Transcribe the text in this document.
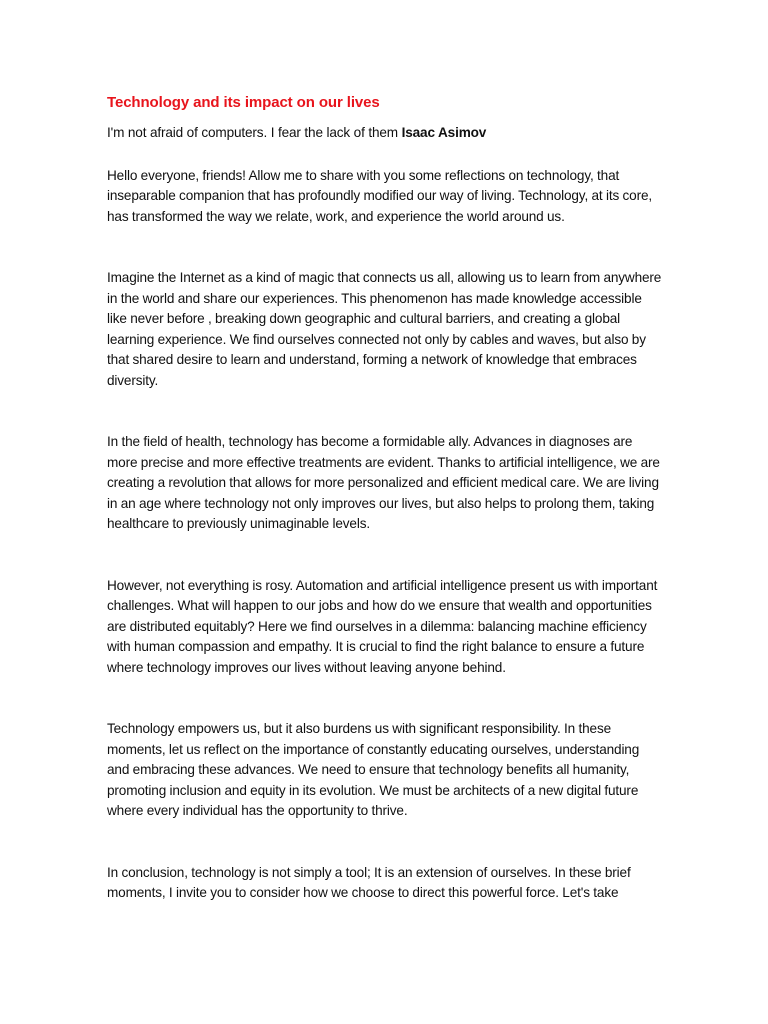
Technology and its impact on our lives

I'm not afraid of computers. I fear the lack of them Isaac Asimov

Hello everyone, friends! Allow me to share with you some reflections on technology, that inseparable companion that has profoundly modified our way of living. Technology, at its core, has transformed the way we relate, work, and experience the world around us.

Imagine the Internet as a kind of magic that connects us all, allowing us to learn from anywhere in the world and share our experiences. This phenomenon has made knowledge accessible like never before , breaking down geographic and cultural barriers, and creating a global learning experience. We find ourselves connected not only by cables and waves, but also by that shared desire to learn and understand, forming a network of knowledge that embraces diversity.

In the field of health, technology has become a formidable ally. Advances in diagnoses are more precise and more effective treatments are evident. Thanks to artificial intelligence, we are creating a revolution that allows for more personalized and efficient medical care. We are living in an age where technology not only improves our lives, but also helps to prolong them, taking healthcare to previously unimaginable levels.

However, not everything is rosy. Automation and artificial intelligence present us with important challenges. What will happen to our jobs and how do we ensure that wealth and opportunities are distributed equitably? Here we find ourselves in a dilemma: balancing machine efficiency with human compassion and empathy. It is crucial to find the right balance to ensure a future where technology improves our lives without leaving anyone behind.

Technology empowers us, but it also burdens us with significant responsibility. In these moments, let us reflect on the importance of constantly educating ourselves, understanding and embracing these advances. We need to ensure that technology benefits all humanity, promoting inclusion and equity in its evolution. We must be architects of a new digital future where every individual has the opportunity to thrive.

In conclusion, technology is not simply a tool; It is an extension of ourselves. In these brief moments, I invite you to consider how we choose to direct this powerful force. Let's take
